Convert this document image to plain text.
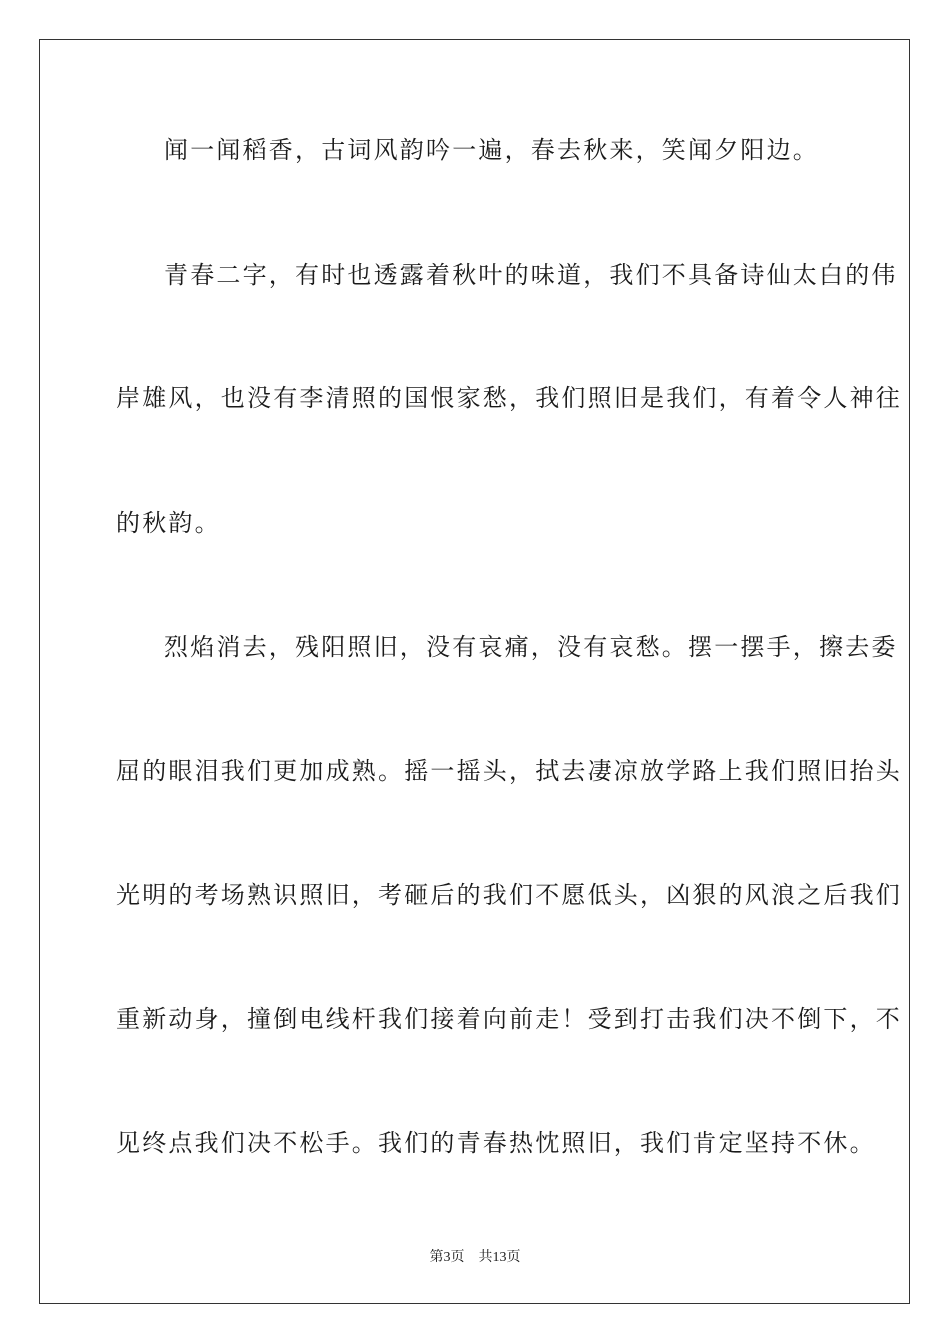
闻一闻稻香，古词风韵吟一遍，春去秋来，笑闻夕阳边。
青春二字，有时也透露着秋叶的味道，我们不具备诗仙太白的伟
岸雄风，也没有李清照的国恨家愁，我们照旧是我们，有着令人神往
的秋韵。
烈焰消去，残阳照旧，没有哀痛，没有哀愁。摆一摆手，擦去委
屈的眼泪我们更加成熟。摇一摇头，拭去凄凉放学路上我们照旧抬头
光明的考场熟识照旧，考砸后的我们不愿低头，凶狠的风浪之后我们
重新动身，撞倒电线杆我们接着向前走！受到打击我们决不倒下，不
见终点我们决不松手。我们的青春热忱照旧，我们肯定坚持不休。
第3页 共13页
